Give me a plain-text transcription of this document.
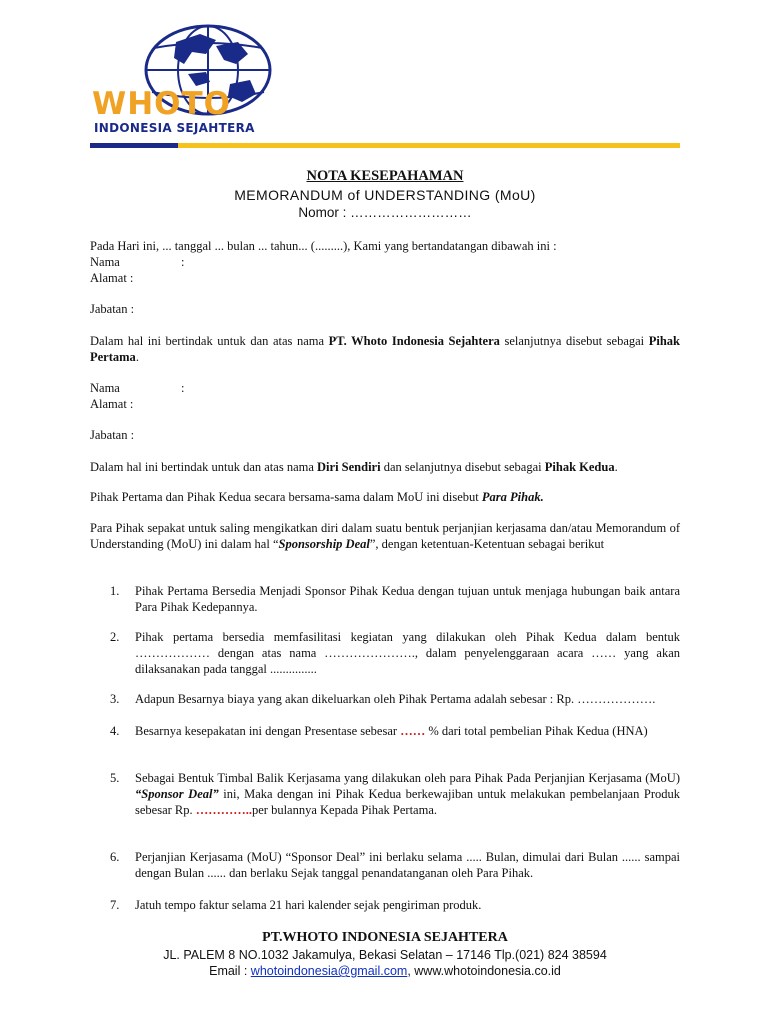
WHOTO
INDONESIA SEJAHTERA
NOTA KESEPAHAMAN
MEMORANDUM of UNDERSTANDING (MoU)
Nomor : ………………………
Pada Hari ini, ... tanggal ... bulan ... tahun... (.........), Kami yang bertandatangan dibawah ini :
Nama	:
Alamat :
Jabatan :
Dalam hal ini bertindak untuk dan atas nama PT. Whoto Indonesia Sejahtera selanjutnya disebut sebagai Pihak Pertama.
Nama	:
Alamat :
Jabatan :
Dalam hal ini bertindak untuk dan atas nama Diri Sendiri dan selanjutnya disebut sebagai Pihak Kedua.
Pihak Pertama dan Pihak Kedua secara bersama-sama dalam MoU ini disebut Para Pihak.
Para Pihak sepakat untuk saling mengikatkan diri dalam suatu bentuk perjanjian kerjasama dan/atau Memorandum of Understanding (MoU) ini dalam hal “Sponsorship Deal”, dengan ketentuan-Ketentuan sebagai berikut
1.	Pihak Pertama Bersedia Menjadi Sponsor Pihak Kedua dengan tujuan untuk menjaga hubungan baik antara Para Pihak Kedepannya.
2.	Pihak pertama bersedia memfasilitasi kegiatan yang dilakukan oleh Pihak Kedua dalam bentuk ……………… dengan atas nama …………………., dalam penyelenggaraan acara …… yang akan dilaksanakan pada tanggal ...............
3.	Adapun Besarnya biaya yang akan dikeluarkan oleh Pihak Pertama adalah sebesar : Rp. ……………….
4.	Besarnya kesepakatan ini dengan Presentase sebesar …… % dari total pembelian Pihak Kedua (HNA)
5.	Sebagai Bentuk Timbal Balik Kerjasama yang dilakukan oleh para Pihak Pada Perjanjian Kerjasama (MoU) “Sponsor Deal” ini, Maka dengan ini Pihak Kedua berkewajiban untuk melakukan pembelanjaan Produk sebesar Rp. …………..per bulannya Kepada Pihak Pertama.
6.	Perjanjian Kerjasama (MoU) “Sponsor Deal” ini berlaku selama ..... Bulan, dimulai dari Bulan ...... sampai dengan Bulan ...... dan berlaku Sejak tanggal penandatanganan oleh Para Pihak.
7.	Jatuh tempo faktur selama 21 hari kalender sejak pengiriman produk.
PT.WHOTO INDONESIA SEJAHTERA
JL. PALEM 8 NO.1032 Jakamulya, Bekasi Selatan – 17146 Tlp.(021) 824 38594
Email : whotoindonesia@gmail.com, www.whotoindonesia.co.id
